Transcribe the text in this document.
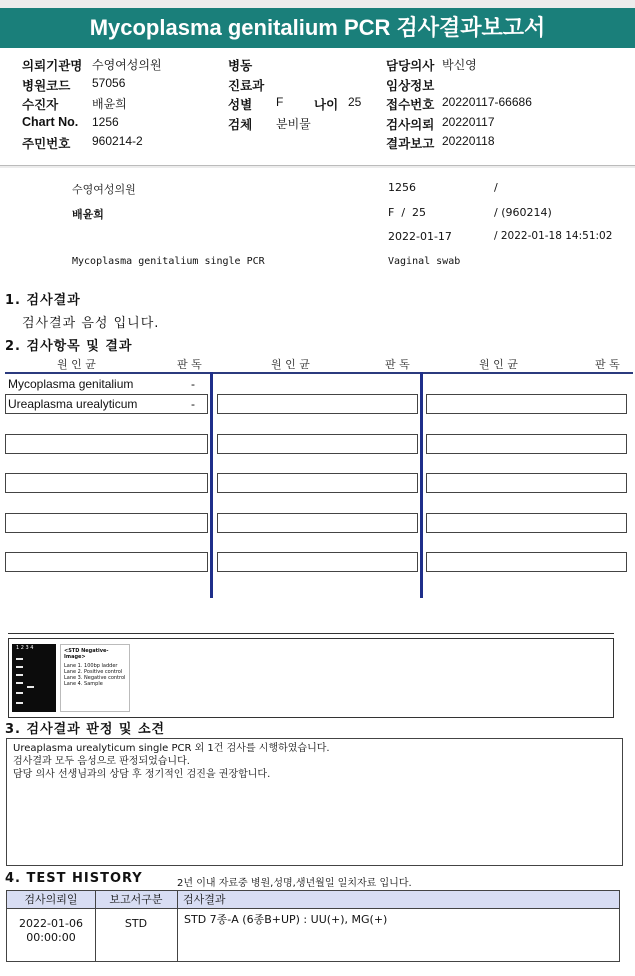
Mycoplasma genitalium PCR 검사결과보고서
의뢰기관명 수영여성의원
병원코드 57056
수진자	배윤희
Chart No. 1256
주민번호 960214-2
병동
진료과
성별 F 나이 25
검체 분비물
담당의사 박신영
임상정보
접수번호 20220117-66686
검사의뢰 20220117
결과보고 20220118
수영여성의원	1256	/
배윤희	F  /  25	/ (960214)
2022-01-17	/ 2022-01-18 14:51:02
Mycoplasma genitalium single PCR	Vaginal swab
1. 검사결과
검사결과 음성 입니다.
2. 검사항목 및 결과
원 인 균	판 독	원 인 균	판 독	원 인 균	판 독
Mycoplasma genitalium	-
Ureaplasma urealyticum	-
1 2 3 4	<STD Negative-Image>
Lane 1. 100bp ladder
Lane 2. Positive control
Lane 3. Negative control
Lane 4. Sample
3. 검사결과 판정 및 소견
Ureaplasma urealyticum single PCR 외 1건 검사를 시행하였습니다.
검사결과 모두 음성으로 판정되었습니다.
담당 의사 선생님과의 상담 후 정기적인 검진을 권장합니다.
4. TEST HISTORY	2년 이내 자료중 병원,성명,생년월일 일치자료 입니다.
검사의뢰일	보고서구분	검사결과
2022-01-06
00:00:00
STD	STD 7종-A (6종B+UP) : UU(+), MG(+)
